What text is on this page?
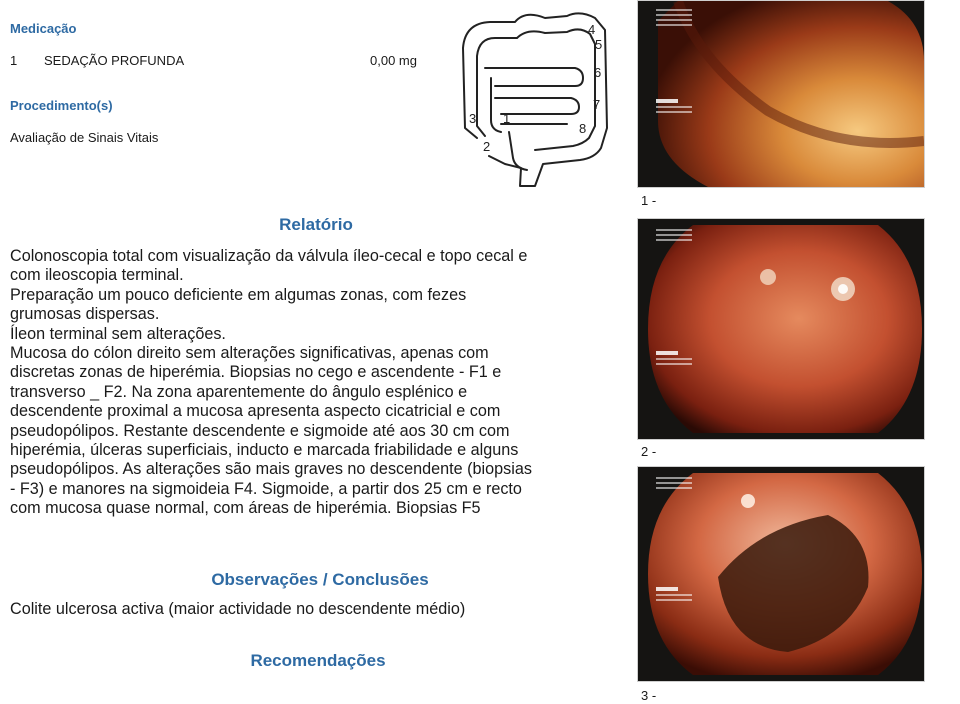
Medicação
1 SEDAÇÃO PROFUNDA	0,00 mg
Procedimento(s)
Avaliação de Sinais Vitais
1
2
3
4
5
6
7
8
Relatório
Colonoscopia total com visualização da válvula íleo-cecal e topo cecal e
com ileoscopia terminal.
Preparação um pouco deficiente em algumas zonas, com fezes
grumosas dispersas.
Íleon terminal sem alterações.
Mucosa do cólon direito sem alterações significativas, apenas com
discretas zonas de hiperémia. Biopsias no cego e ascendente - F1 e
transverso _ F2. Na zona aparentemente do ângulo esplénico e
descendente proximal a mucosa apresenta aspecto cicatricial e com
pseudopólipos. Restante descendente e sigmoide até aos 30 cm com
hiperémia, úlceras superficiais, inducto e marcada friabilidade e alguns
pseudopólipos. As alterações são mais graves no descendente (biopsias
- F3) e manores na sigmoideia F4. Sigmoide, a partir dos 25 cm e recto
com mucosa quase normal, com áreas de hiperémia. Biopsias F5
Observações / Conclusões
Colite ulcerosa activa (maior actividade no descendente médio)
Recomendações
1 -
2 -
3 -
